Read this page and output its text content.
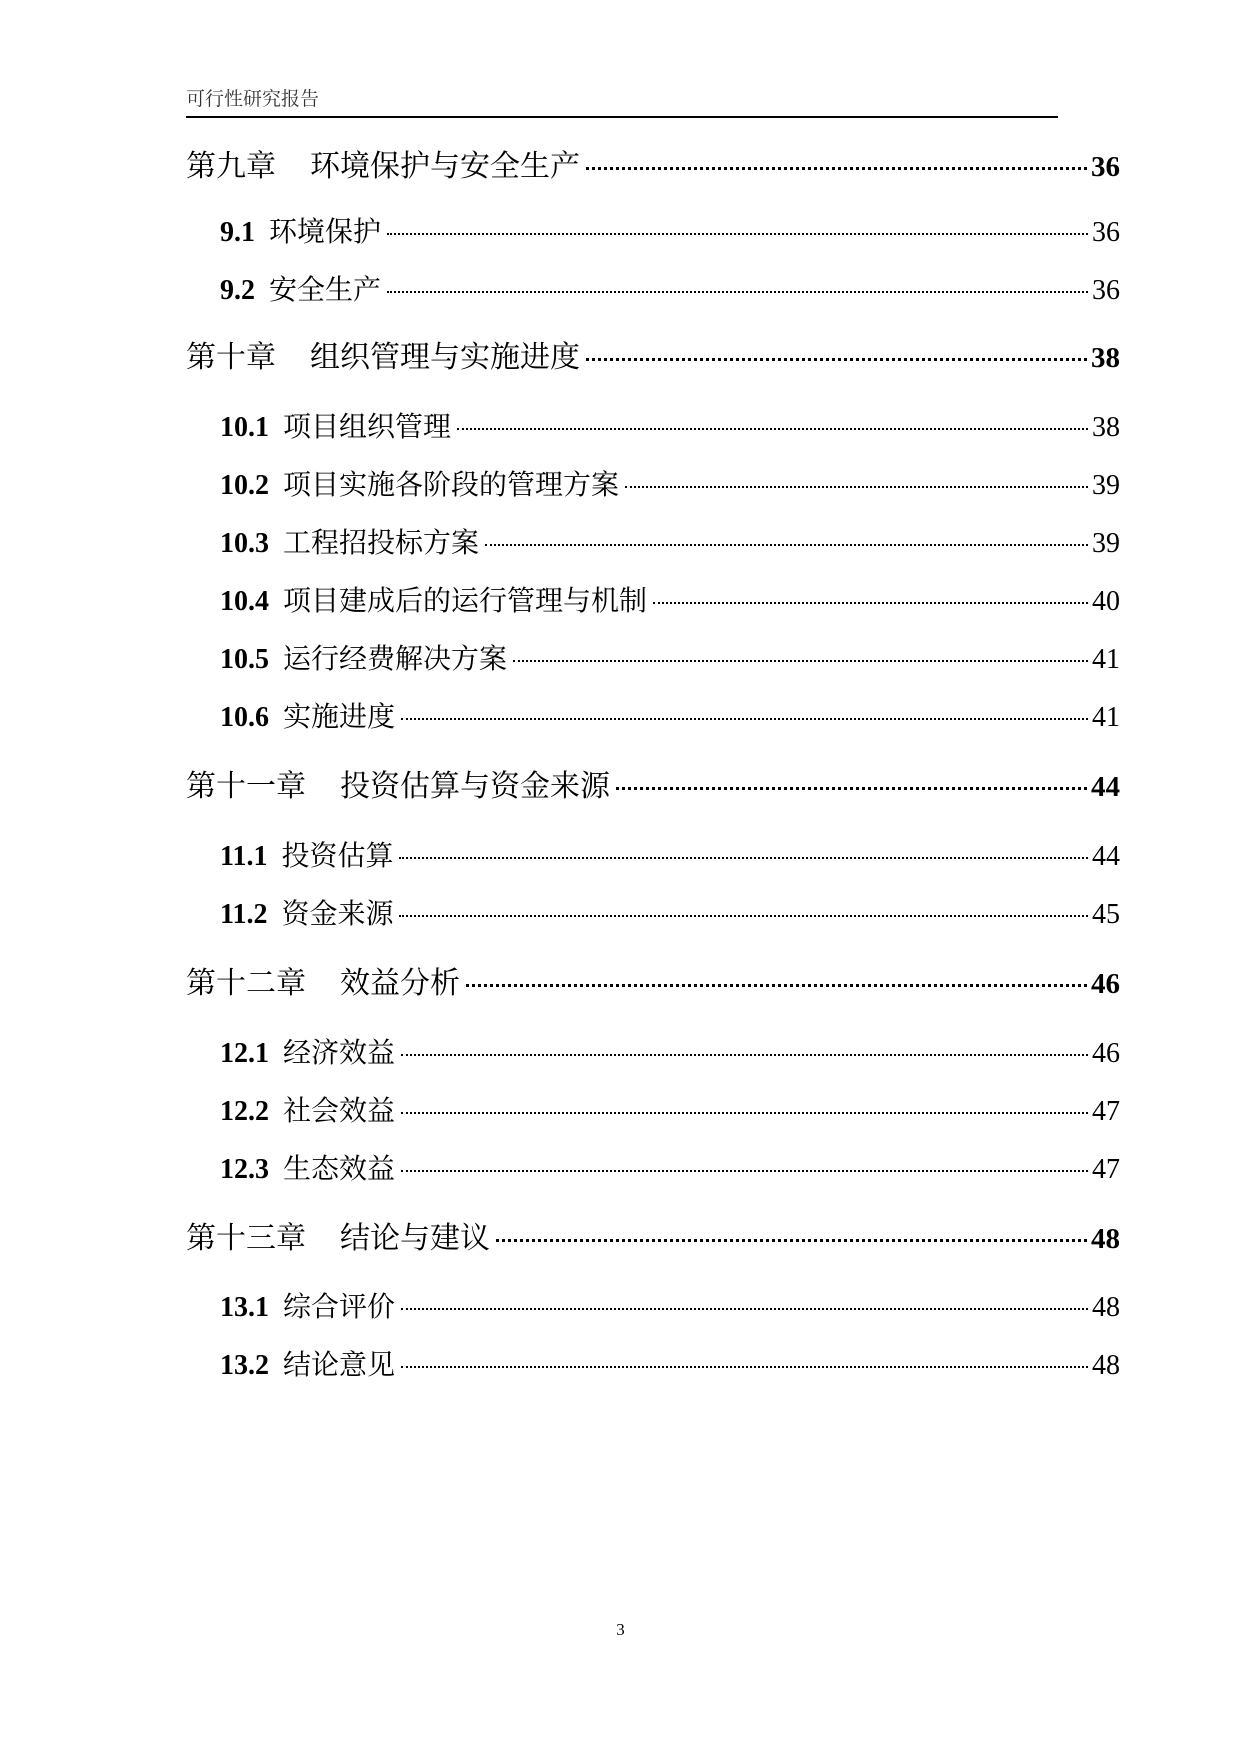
可行性研究报告
第九章 环境保护与安全生产	36
9.1 环境保护	36
9.2 安全生产	36
第十章 组织管理与实施进度	38
10.1 项目组织管理	38
10.2 项目实施各阶段的管理方案	39
10.3 工程招投标方案	39
10.4 项目建成后的运行管理与机制	40
10.5 运行经费解决方案	41
10.6 实施进度	41
第十一章 投资估算与资金来源	44
11.1 投资估算	44
11.2 资金来源	45
第十二章 效益分析	46
12.1 经济效益	46
12.2 社会效益	47
12.3 生态效益	47
第十三章 结论与建议	48
13.1 综合评价	48
13.2 结论意见	48
3
